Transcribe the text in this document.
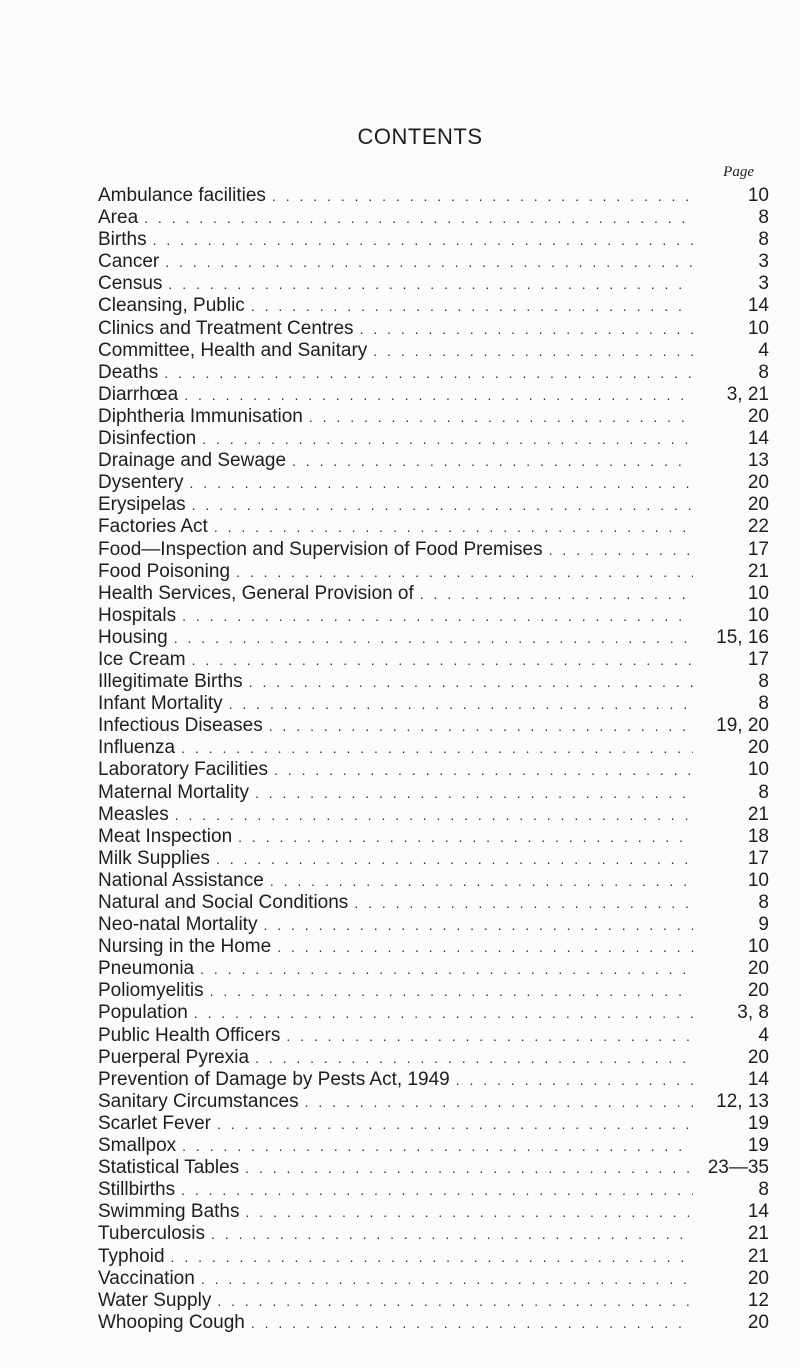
CONTENTS
Page
Ambulance facilities . . .	10
Area . . .	8
Births . . .	8
Cancer . . .	3
Census . . .	3
Cleansing, Public . . .	14
Clinics and Treatment Centres . . .	10
Committee, Health and Sanitary . . .	4
Deaths . . .	8
Diarrhœa . . .	3, 21
Diphtheria Immunisation . . .	20
Disinfection . . .	14
Drainage and Sewage . . .	13
Dysentery . . .	20
Erysipelas . . .	20
Factories Act . . .	22
Food—Inspection and Supervision of Food Premises . . .	17
Food Poisoning . . .	21
Health Services, General Provision of . . .	10
Hospitals . . .	10
Housing . . .	15, 16
Ice Cream . . .	17
Illegitimate Births . . .	8
Infant Mortality . . .	8
Infectious Diseases . . .	19, 20
Influenza . . .	20
Laboratory Facilities . . .	10
Maternal Mortality . . .	8
Measles . . .	21
Meat Inspection . . .	18
Milk Supplies . . .	17
National Assistance . . .	10
Natural and Social Conditions . . .	8
Neo-natal Mortality . . .	9
Nursing in the Home . . .	10
Pneumonia . . .	20
Poliomyelitis . . .	20
Population . . .	3, 8
Public Health Officers . . .	4
Puerperal Pyrexia . . .	20
Prevention of Damage by Pests Act, 1949 . . .	14
Sanitary Circumstances . . .	12, 13
Scarlet Fever . . .	19
Smallpox . . .	19
Statistical Tables . . .	23—35
Stillbirths . . .	8
Swimming Baths . . .	14
Tuberculosis . . .	21
Typhoid . . .	21
Vaccination . . .	20
Water Supply . . .	12
Whooping Cough . . .	20
